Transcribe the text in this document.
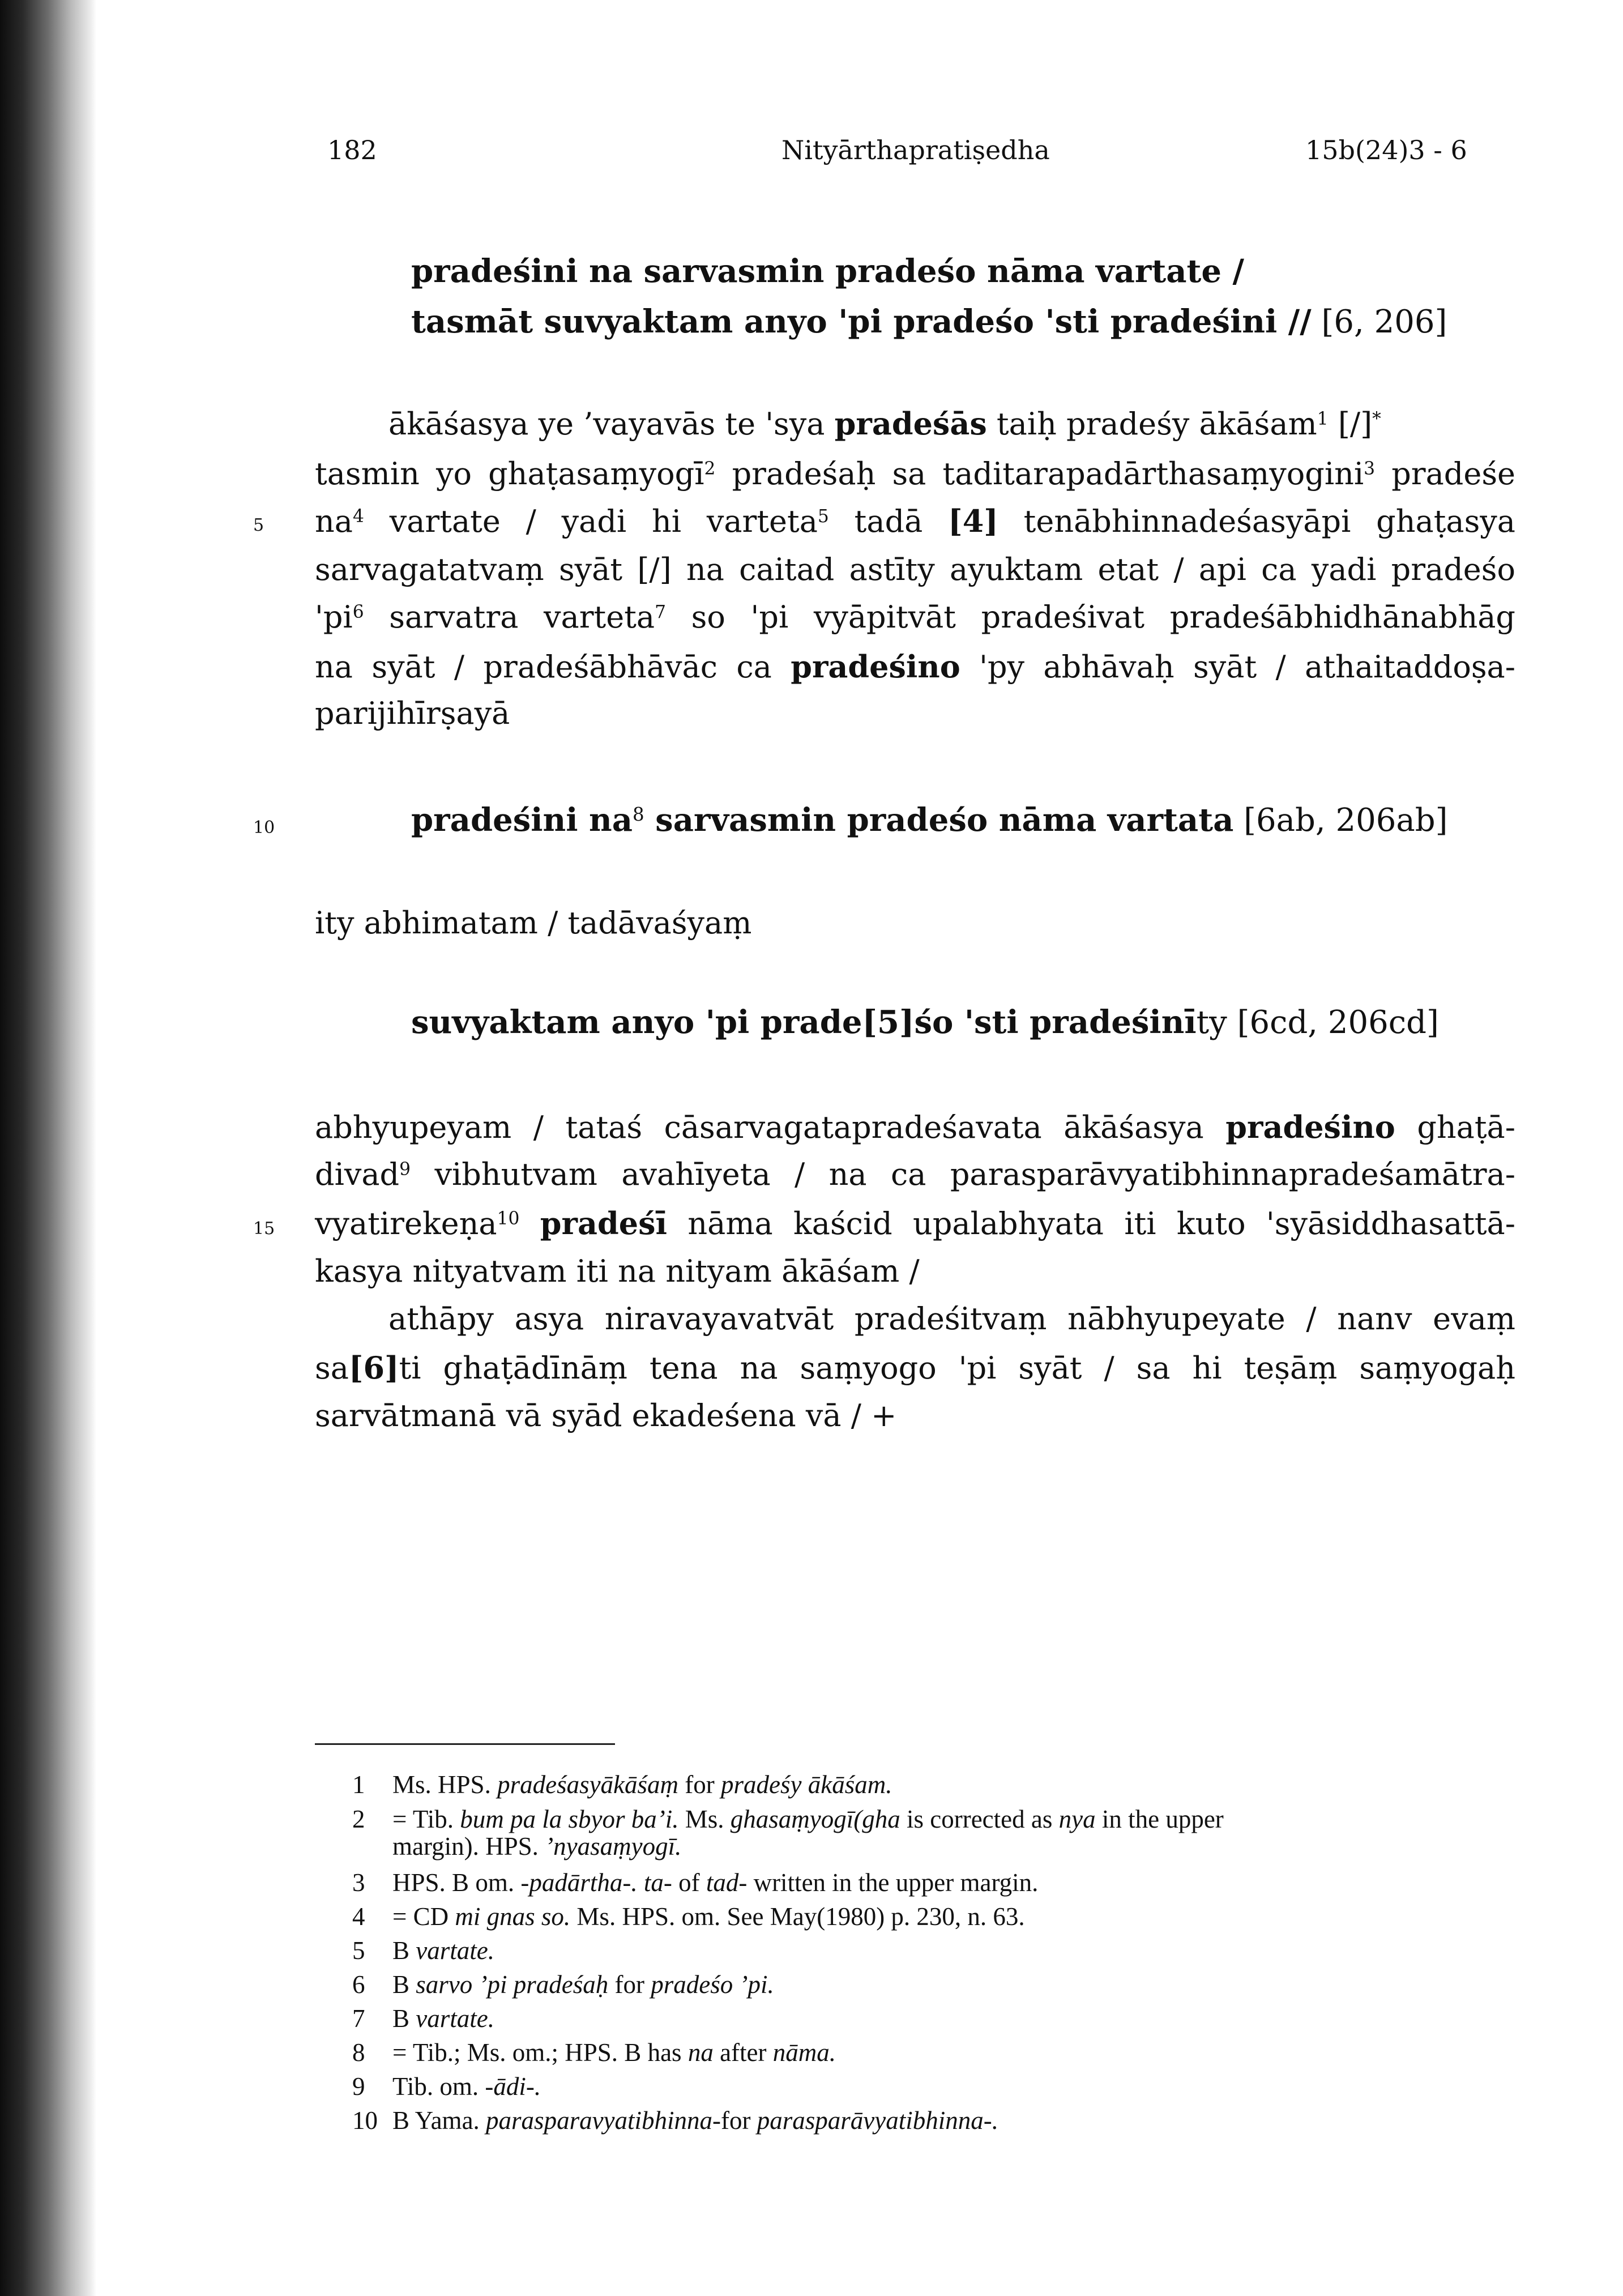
182	Nityārthapratiṣedha	15b(24)3 - 6
pradeśini na sarvasmin pradeśo nāma vartate /
tasmāt suvyaktam anyo 'pi pradeśo 'sti pradeśini // [6, 206]
ākāśasya ye ’vayavās te 'sya pradeśās taiḥ pradeśy ākāśam$^1$ [/]*
tasmin yo ghaṭasaṃyogī$^2$ pradeśaḥ sa taditarapadārthasaṃyogini$^3$ pradeśe
5 $na^4$ vartate / yadi hi varteta$^5$ tadā [4] tenābhinnadeśasyāpi ghaṭasya
sarvagatatvaṃ syāt [/] na caitad astīty ayuktam etat / api ca yadi pradeśo
'$pi^6$ sarvatra varteta$^7$ so 'pi vyāpitvāt pradeśivat pradeśābhidhānabhāg
na syāt / pradeśābhāvāc ca pradeśino 'py abhāvaḥ syāt / athaitaddoṣa-
parijihīrṣayā
10	pradeśini $na^8$ sarvasmin pradeśo nāma vartata [6ab, 206ab]
ity abhimatam / tadāvaśyaṃ
suvyaktam anyo 'pi prade[5]śo 'sti pradeśinīty [6cd, 206cd]
abhyupeyam / tataś cāsarvagatapradeśavata ākāśasya pradeśino ghaṭā-
divad$^9$ vibhutvam avahīyeta / na ca parasparāvyatibhinnapradeśamātra-
15 vyatirekeṇa$^{10}$ pradeśī nāma kaścid upalabhyata iti kuto 'syāsiddhasattā-
kasya nityatvam iti na nityam ākāśam /
athāpy asya niravayavatvāt pradeśitvaṃ nābhyupeyate / nanv evaṃ
sa[6]ti ghaṭādīnāṃ tena na saṃyogo 'pi syāt / sa hi teṣāṃ saṃyogaḥ
sarvātmanā vā syād ekadeśena vā / +
1 Ms. HPS. pradeśasyākāśaṃ for pradeśy ākāśam.
2 = Tib. bum pa la sbyor ba’i. Ms. ghasaṃyogī(gha is corrected as nya in the upper
margin). HPS. ’nyasaṃyogī.
3 HPS. B om. -padārtha-. ta- of tad- written in the upper margin.
4 = CD mi gnas so. Ms. HPS. om. See May(1980) p. 230, n. 63.
5 B vartate.
6 B sarvo ’pi pradeśaḥ for pradeśo ’pi.
7 B vartate.
8 = Tib.; Ms. om.; HPS. B has na after nāma.
9 Tib. om. -ādi-.
10 B Yama. parasparavyatibhinna-for parasparāvyatibhinna-.
